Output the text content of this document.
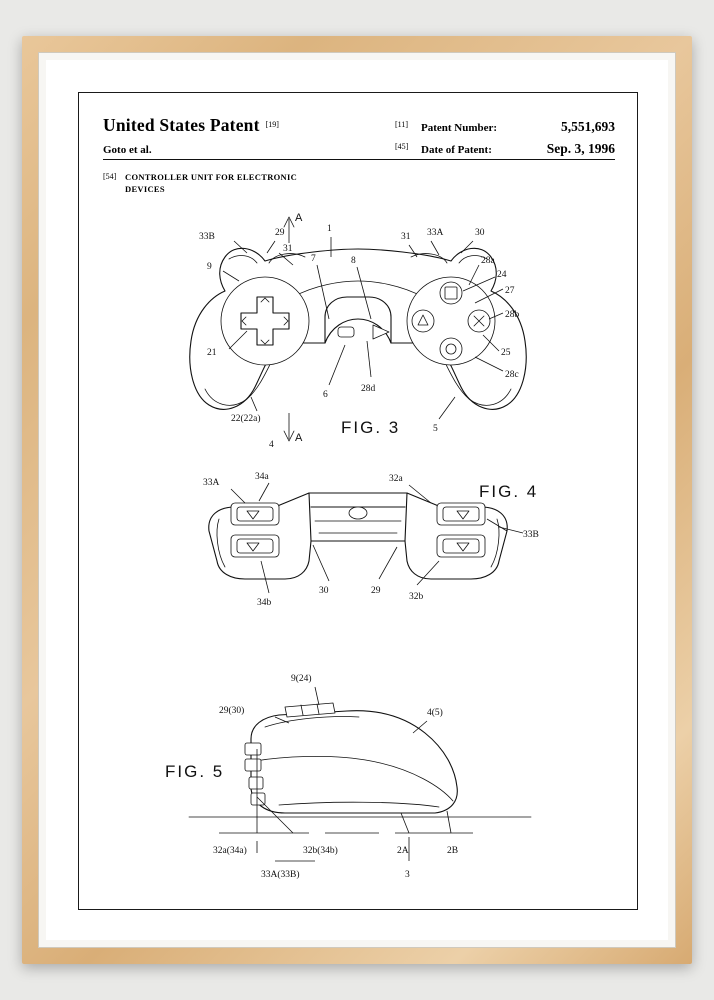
United States Patent [19]	[11]	Patent Number:	5,551,693
Goto et al.	[45]	Date of Patent:	Sep. 3, 1996
[54]	CONTROLLER UNIT FOR ELECTRONIC
DEVICES
A
A
33B	29
31
1
31 33A	30
9
7	8	28a
24
27
28b
21
6
28d
25
28c
22(22a)
4
5
FIG. 3
33A
34a	32a
33B
30	29
32b
34b
FIG. 4
9(24)
29(30)	4(5)
32a(34a)	32b(34b)	2A	2B
33A(33B)	3
FIG. 5
